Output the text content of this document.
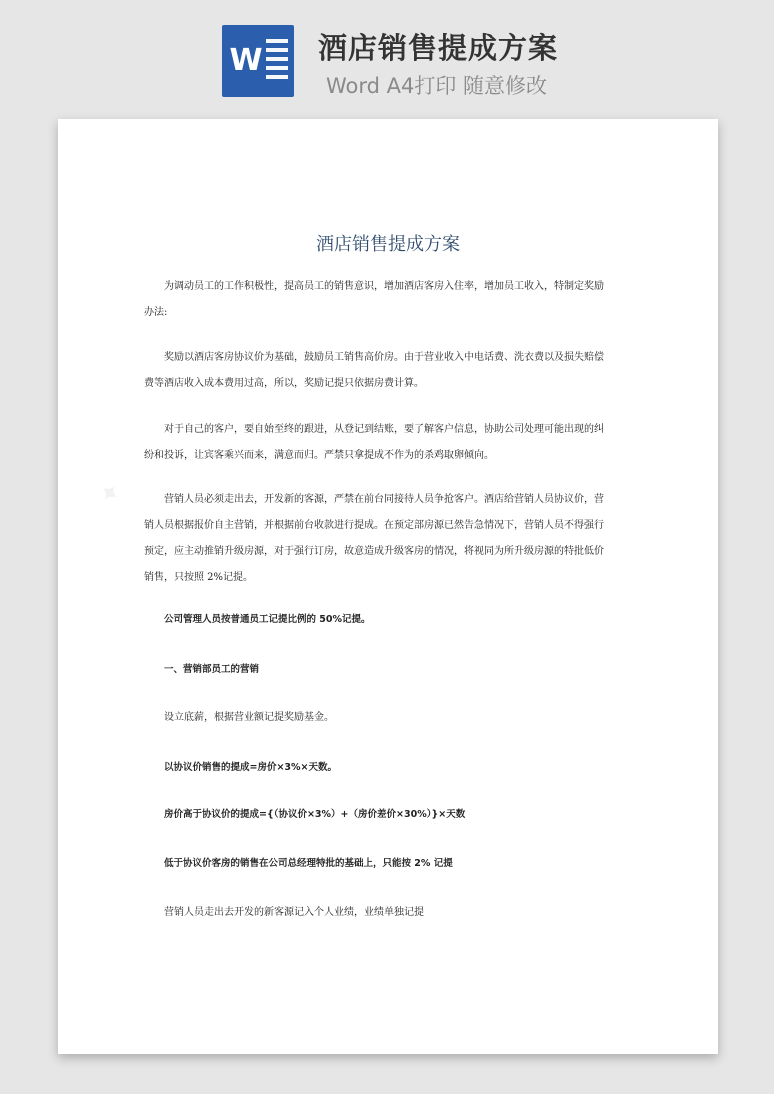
W 酒店销售提成方案
Word A4打印 随意修改
✦
酒店销售提成方案
为调动员工的工作积极性，提高员工的销售意识，增加酒店客房入住率，增加员工收入，特制定奖励办法:
奖励以酒店客房协议价为基础，鼓励员工销售高价房。由于营业收入中电话费、洗衣费以及损失赔偿费等酒店收入成本费用过高，所以，奖励记提只依据房费计算。
对于自己的客户，要自始至终的跟进，从登记到结账，要了解客户信息，协助公司处理可能出现的纠纷和投诉，让宾客乘兴而来，满意而归。严禁只拿提成不作为的杀鸡取卵倾向。
营销人员必须走出去，开发新的客源，严禁在前台同接待人员争抢客户。酒店给营销人员协议价，营销人员根据报价自主营销，并根据前台收款进行提成。在预定部房源已然告急情况下，营销人员不得强行预定，应主动推销升级房源，对于强行订房，故意造成升级客房的情况，将视同为所升级房源的特批低价销售，只按照 2%记提。
公司管理人员按普通员工记提比例的 50%记提。
一、营销部员工的营销
设立底薪，根据营业额记提奖励基金。
以协议价销售的提成=房价×3%×天数。
房价高于协议价的提成={（协议价×3%）+（房价差价×30%）}×天数
低于协议价客房的销售在公司总经理特批的基础上，只能按 2% 记提
营销人员走出去开发的新客源记入个人业绩，业绩单独记提
